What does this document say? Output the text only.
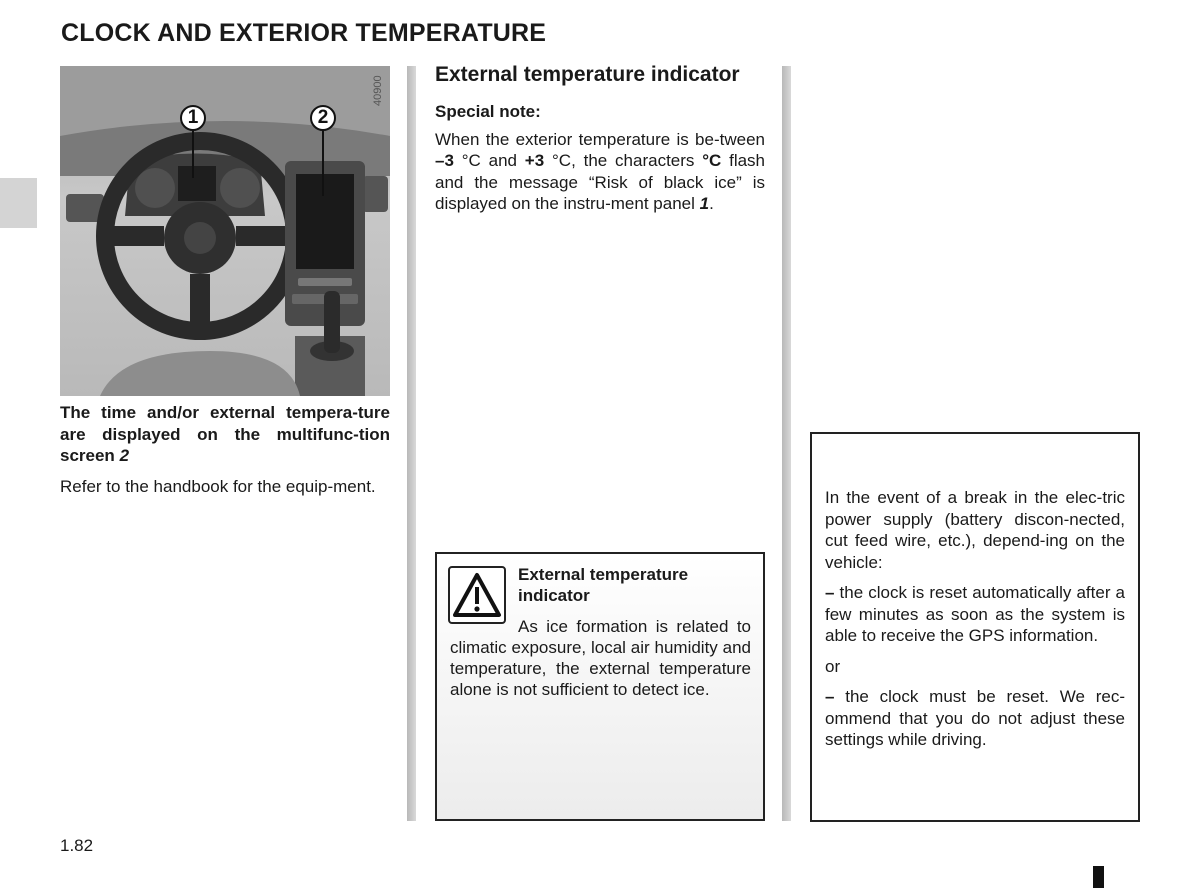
CLOCK AND EXTERIOR TEMPERATURE
40900
1	2

The time and/or external tempera-ture are displayed on the multifunc-tion screen 2

Refer to the handbook for the equip-ment.

External temperature indicator

Special note:

When the exterior temperature is be-tween –3 °C and +3 °C, the characters °C flash and the message “Risk of black ice” is displayed on the instru-ment panel 1.

External temperature indicator

As ice formation is related to climatic exposure, local air humidity and temperature, the external temperature alone is not sufficient to detect ice.

In the event of a break in the elec-tric power supply (battery discon-nected, cut feed wire, etc.), depend-ing on the vehicle:

– the clock is reset automatically after a few minutes as soon as the system is able to receive the GPS information.

or

– the clock must be reset. We rec-ommend that you do not adjust these settings while driving.

1.82
